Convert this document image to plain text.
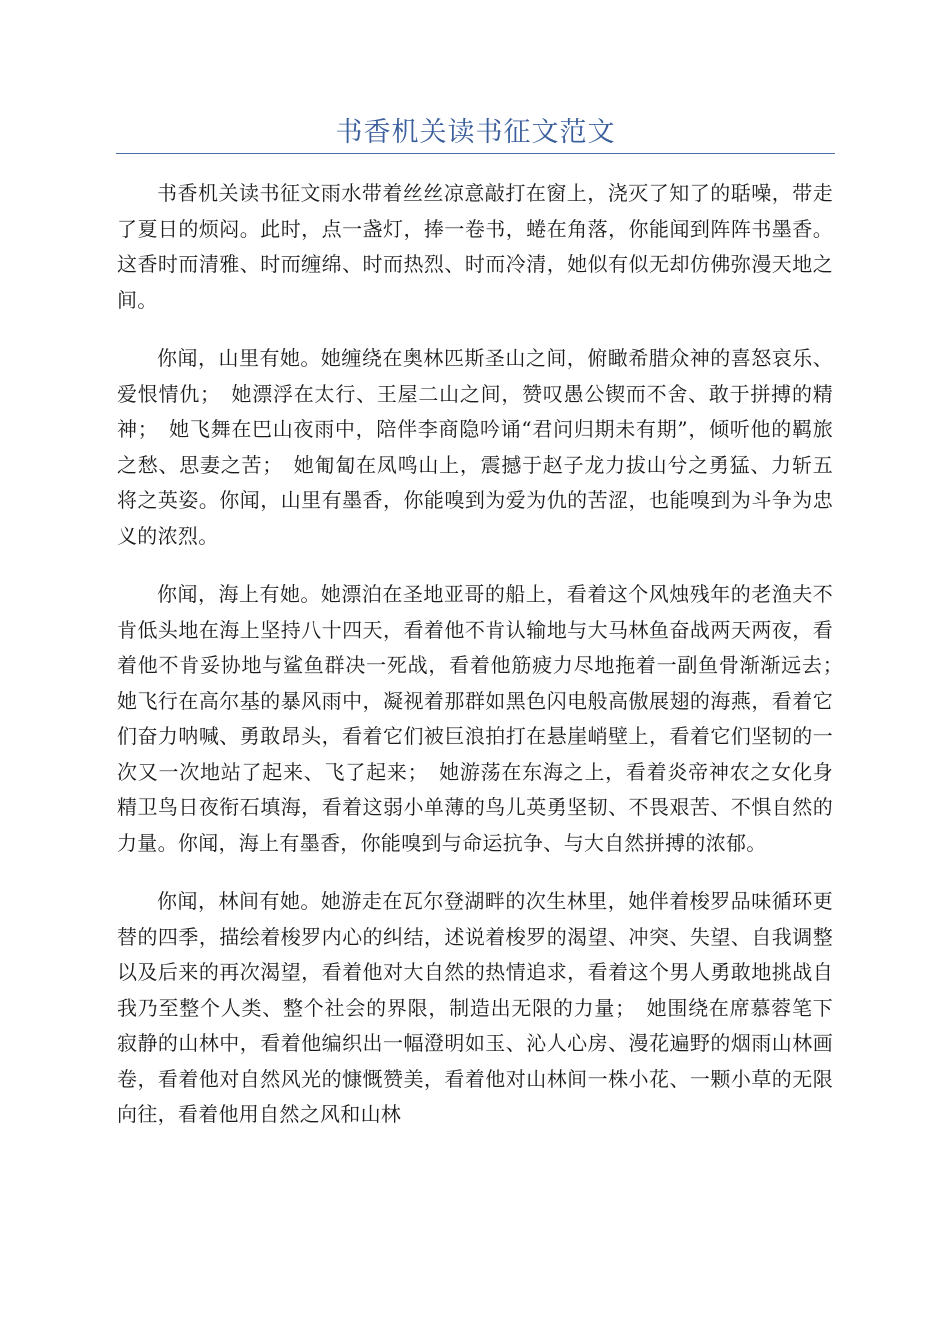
书香机关读书征文范文

书香机关读书征文雨水带着丝丝凉意敲打在窗上，浇灭了知了的聒噪，带走了夏日的烦闷。此时，点一盏灯，捧一卷书，蜷在角落，你能闻到阵阵书墨香。这香时而清雅、时而缠绵、时而热烈、时而冷清，她似有似无却仿佛弥漫天地之间。

你闻，山里有她。她缠绕在奥林匹斯圣山之间，俯瞰希腊众神的喜怒哀乐、爱恨情仇；　她漂浮在太行、王屋二山之间，赞叹愚公锲而不舍、敢于拼搏的精神；　她飞舞在巴山夜雨中，陪伴李商隐吟诵“君问归期未有期”，倾听他的羁旅之愁、思妻之苦；　她匍匐在凤鸣山上，震撼于赵子龙力拔山兮之勇猛、力斩五将之英姿。你闻，山里有墨香，你能嗅到为爱为仇的苦涩，也能嗅到为斗争为忠义的浓烈。

你闻，海上有她。她漂泊在圣地亚哥的船上，看着这个风烛残年的老渔夫不肯低头地在海上坚持八十四天，看着他不肯认输地与大马林鱼奋战两天两夜，看着他不肯妥协地与鲨鱼群决一死战，看着他筋疲力尽地拖着一副鱼骨渐渐远去；　她飞行在高尔基的暴风雨中，凝视着那群如黑色闪电般高傲展翅的海燕，看着它们奋力呐喊、勇敢昂头，看着它们被巨浪拍打在悬崖峭壁上，看着它们坚韧的一次又一次地站了起来、飞了起来；　她游荡在东海之上，看着炎帝神农之女化身精卫鸟日夜衔石填海，看着这弱小单薄的鸟儿英勇坚韧、不畏艰苦、不惧自然的力量。你闻，海上有墨香，你能嗅到与命运抗争、与大自然拼搏的浓郁。

你闻，林间有她。她游走在瓦尔登湖畔的次生林里，她伴着梭罗品味循环更替的四季，描绘着梭罗内心的纠结，述说着梭罗的渴望、冲突、失望、自我调整以及后来的再次渴望，看着他对大自然的热情追求，看着这个男人勇敢地挑战自我乃至整个人类、整个社会的界限，制造出无限的力量；　她围绕在席慕蓉笔下寂静的山林中，看着他编织出一幅澄明如玉、沁人心房、漫花遍野的烟雨山林画卷，看着他对自然风光的慷慨赞美，看着他对山林间一株小花、一颗小草的无限向往，看着他用自然之风和山林
